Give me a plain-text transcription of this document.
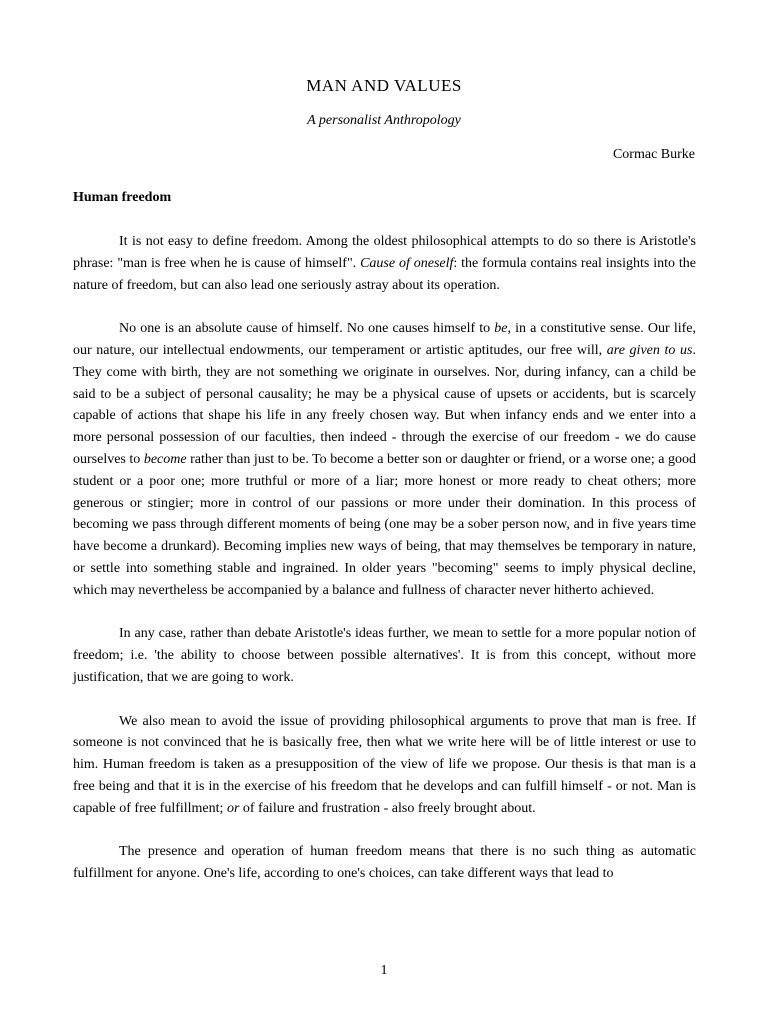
MAN AND VALUES

A personalist Anthropology

Cormac Burke

Human freedom

It is not easy to define freedom. Among the oldest philosophical attempts to do so there is Aristotle's phrase: "man is free when he is cause of himself". Cause of oneself: the formula contains real insights into the nature of freedom, but can also lead one seriously astray about its operation.

No one is an absolute cause of himself. No one causes himself to be, in a constitutive sense. Our life, our nature, our intellectual endowments, our temperament or artistic aptitudes, our free will, are given to us. They come with birth, they are not something we originate in ourselves. Nor, during infancy, can a child be said to be a subject of personal causality; he may be a physical cause of upsets or accidents, but is scarcely capable of actions that shape his life in any freely chosen way. But when infancy ends and we enter into a more personal possession of our faculties, then indeed - through the exercise of our freedom - we do cause ourselves to become rather than just to be. To become a better son or daughter or friend, or a worse one; a good student or a poor one; more truthful or more of a liar; more honest or more ready to cheat others; more generous or stingier; more in control of our passions or more under their domination. In this process of becoming we pass through different moments of being (one may be a sober person now, and in five years time have become a drunkard). Becoming implies new ways of being, that may themselves be temporary in nature, or settle into something stable and ingrained. In older years "becoming" seems to imply physical decline, which may nevertheless be accompanied by a balance and fullness of character never hitherto achieved.

In any case, rather than debate Aristotle's ideas further, we mean to settle for a more popular notion of freedom; i.e. 'the ability to choose between possible alternatives'. It is from this concept, without more justification, that we are going to work.

We also mean to avoid the issue of providing philosophical arguments to prove that man is free. If someone is not convinced that he is basically free, then what we write here will be of little interest or use to him. Human freedom is taken as a presupposition of the view of life we propose. Our thesis is that man is a free being and that it is in the exercise of his freedom that he develops and can fulfill himself - or not. Man is capable of free fulfillment; or of failure and frustration - also freely brought about.

The presence and operation of human freedom means that there is no such thing as automatic fulfillment for anyone. One's life, according to one's choices, can take different ways that lead to

1
